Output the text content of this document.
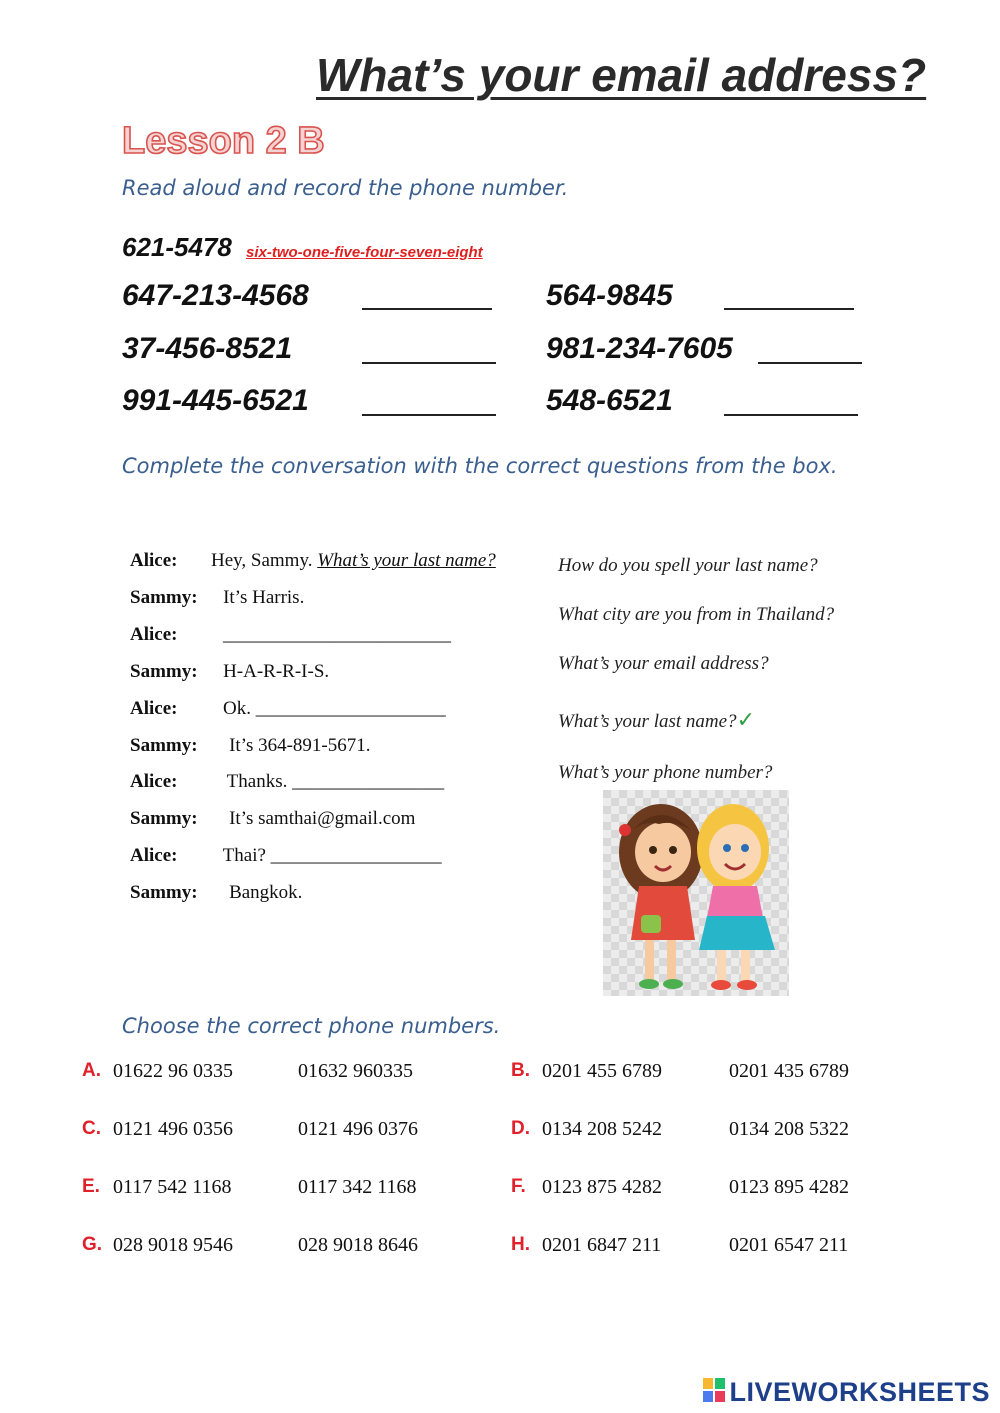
What’s your email address?
Lesson 2 B
Read aloud and record the phone number.
621-5478 six-two-one-five-four-seven-eight
647-213-4568	564-9845
37-456-8521	981-234-7605
991-445-6521	548-6521
Complete the conversation with the correct questions from the box.
Alice: Hey, Sammy. What’s your last name?
Sammy: It’s Harris.
Alice: ________________________
Sammy: H-A-R-R-I-S.
Alice: Ok. ____________________
Sammy: It’s 364-891-5671.
Alice:	Thanks. ________________
Sammy: It’s samthai@gmail.com
Alice: Thai? __________________
Sammy: Bangkok.
How do you spell your last name?
What city are you from in Thailand?
What’s your email address?
What’s your last name?✓
What’s your phone number?
Choose the correct phone numbers.
A. 01622 96 0335	01632 960335	B. 0201 455 6789	0201 435 6789
C. 0121 496 0356	0121 496 0376	D. 0134 208 5242	0134 208 5322
E. 0117 542 1168	0117 342 1168	F. 0123 875 4282	0123 895 4282
G. 028 9018 9546	028 9018 8646	H. 0201 6847 211	0201 6547 211
LIVEWORKSHEETS
